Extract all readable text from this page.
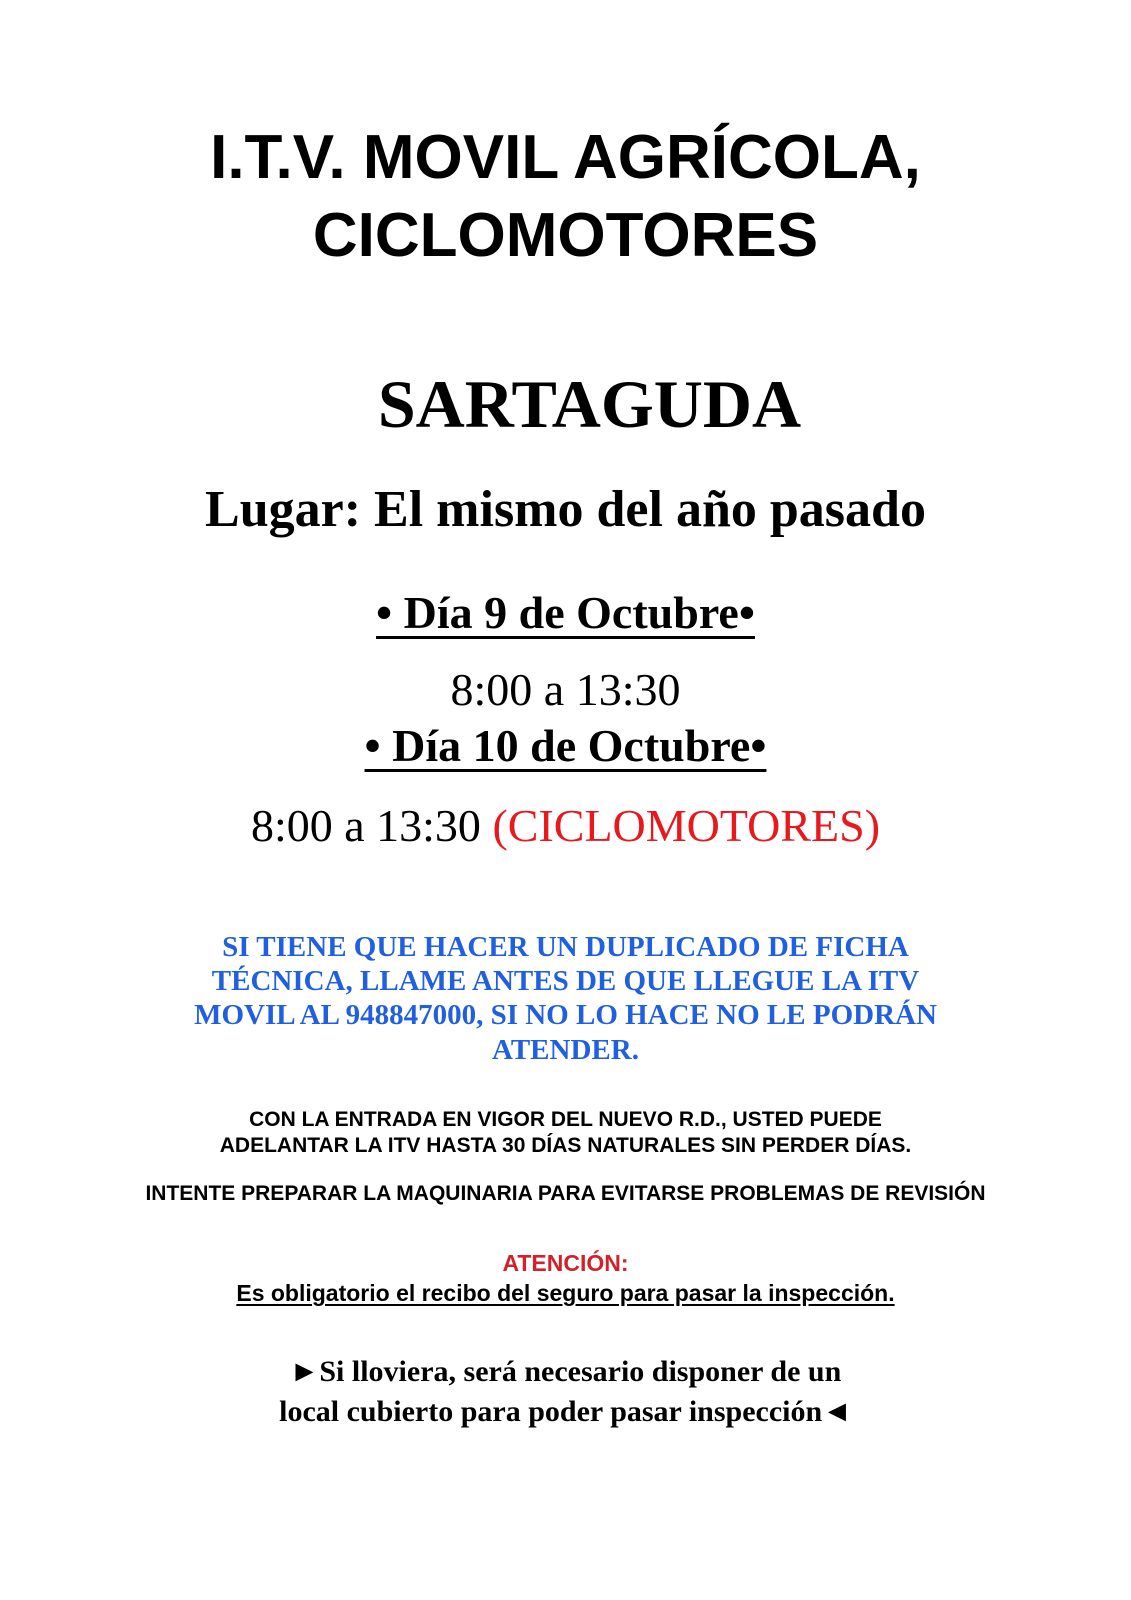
I.T.V. MOVIL AGRÍCOLA,

CICLOMOTORES

SARTAGUDA

Lugar: El mismo del año pasado

• Día 9 de Octubre•

8:00 a 13:30

• Día 10 de Octubre•

8:00 a 13:30 (CICLOMOTORES)

SI TIENE QUE HACER UN DUPLICADO DE FICHA

TÉCNICA, LLAME ANTES DE QUE LLEGUE LA ITV

MOVIL AL 948847000, SI NO LO HACE NO LE PODRÁN

ATENDER.

CON LA ENTRADA EN VIGOR DEL NUEVO R.D., USTED PUEDE

ADELANTAR LA ITV HASTA 30 DÍAS NATURALES SIN PERDER DÍAS.

INTENTE PREPARAR LA MAQUINARIA PARA EVITARSE PROBLEMAS DE REVISIÓN

ATENCIÓN:

Es obligatorio el recibo del seguro para pasar la inspección.

►Si lloviera, será necesario disponer de un

local cubierto para poder pasar inspección◄
